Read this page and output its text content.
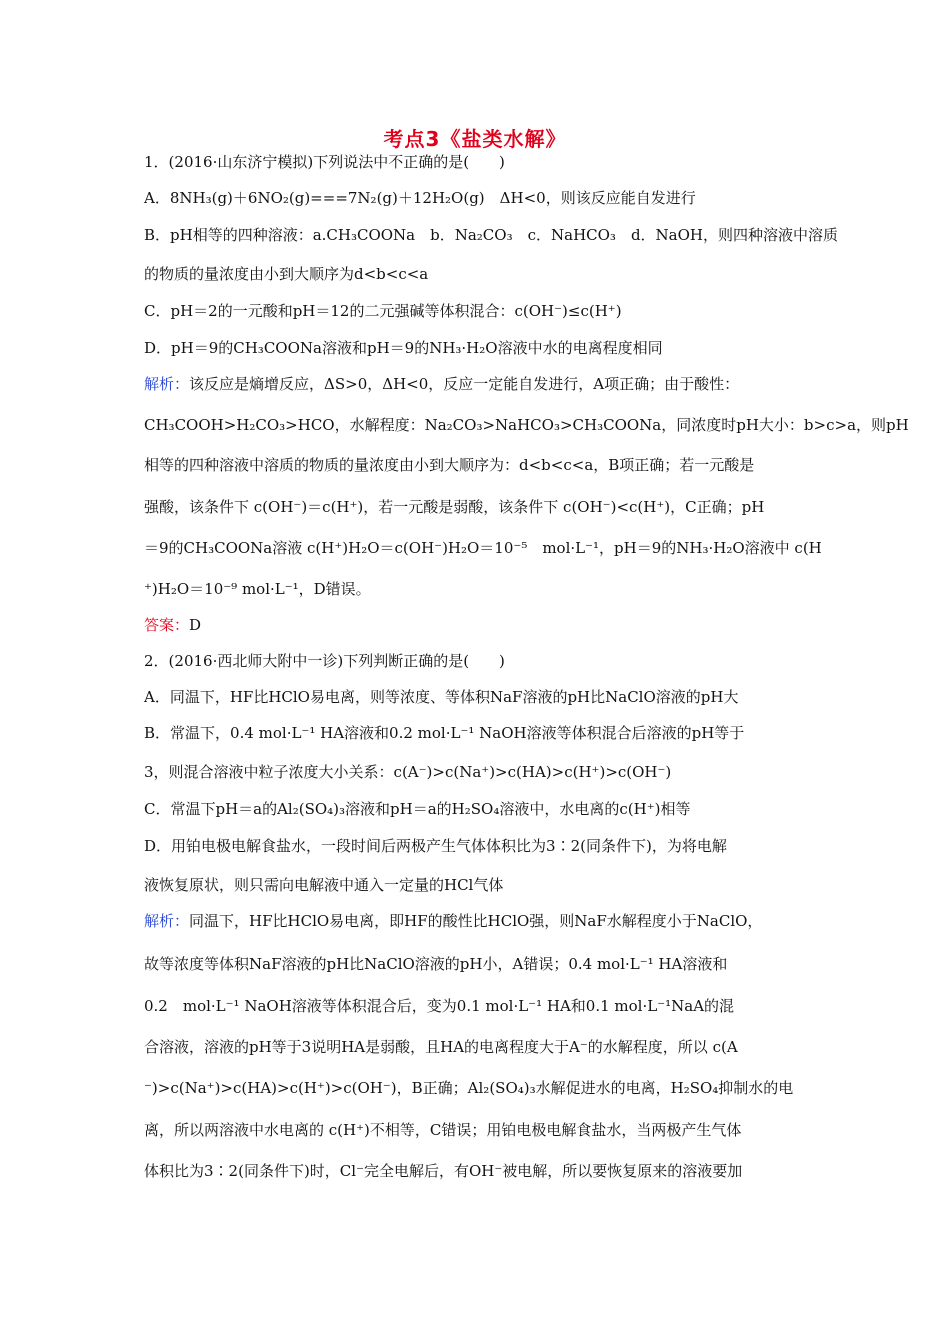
考点3《盐类水解》
1．(2016·山东济宁模拟)下列说法中不正确的是(　　)
A．8NH₃(g)＋6NO₂(g)===7N₂(g)＋12H₂O(g)　ΔH<0，则该反应能自发进行
B．pH相等的四种溶液：a.CH₃COONa　b．Na₂CO₃　c．NaHCO₃　d．NaOH，则四种溶液中溶质
的物质的量浓度由小到大顺序为d<b<c<a
C．pH＝2的一元酸和pH＝12的二元强碱等体积混合：c(OH⁻)≤c(H⁺)
D．pH＝9的CH₃COONa溶液和pH＝9的NH₃·H₂O溶液中水的电离程度相同
解析：该反应是熵增反应，ΔS>0，ΔH<0，反应一定能自发进行，A项正确；由于酸性：
CH₃COOH>H₂CO₃>HCO，水解程度：Na₂CO₃>NaHCO₃>CH₃COONa，同浓度时pH大小：b>c>a，则pH
相等的四种溶液中溶质的物质的量浓度由小到大顺序为：d<b<c<a，B项正确；若一元酸是
强酸，该条件下 c(OH⁻)＝c(H⁺)，若一元酸是弱酸，该条件下 c(OH⁻)<c(H⁺)，C正确；pH
＝9的CH₃COONa溶液 c(H⁺)H₂O＝c(OH⁻)H₂O＝10⁻⁵　mol·L⁻¹，pH＝9的NH₃·H₂O溶液中 c(H
⁺)H₂O＝10⁻⁹ mol·L⁻¹，D错误。
答案：D
2．(2016·西北师大附中一诊)下列判断正确的是(　　)
A．同温下，HF比HClO易电离，则等浓度、等体积NaF溶液的pH比NaClO溶液的pH大
B．常温下，0.4 mol·L⁻¹ HA溶液和0.2 mol·L⁻¹ NaOH溶液等体积混合后溶液的pH等于
3，则混合溶液中粒子浓度大小关系：c(A⁻)>c(Na⁺)>c(HA)>c(H⁺)>c(OH⁻)
C．常温下pH＝a的Al₂(SO₄)₃溶液和pH＝a的H₂SO₄溶液中，水电离的c(H⁺)相等
D．用铂电极电解食盐水，一段时间后两极产生气体体积比为3∶2(同条件下)，为将电解
液恢复原状，则只需向电解液中通入一定量的HCl气体
解析：同温下，HF比HClO易电离，即HF的酸性比HClO强，则NaF水解程度小于NaClO，
故等浓度等体积NaF溶液的pH比NaClO溶液的pH小，A错误；0.4 mol·L⁻¹ HA溶液和
0.2　mol·L⁻¹ NaOH溶液等体积混合后，变为0.1 mol·L⁻¹ HA和0.1 mol·L⁻¹NaA的混
合溶液，溶液的pH等于3说明HA是弱酸，且HA的电离程度大于A⁻的水解程度，所以 c(A
⁻)>c(Na⁺)>c(HA)>c(H⁺)>c(OH⁻)，B正确；Al₂(SO₄)₃水解促进水的电离，H₂SO₄抑制水的电
离，所以两溶液中水电离的 c(H⁺)不相等，C错误；用铂电极电解食盐水，当两极产生气体
体积比为3∶2(同条件下)时，Cl⁻完全电解后，有OH⁻被电解，所以要恢复原来的溶液要加
